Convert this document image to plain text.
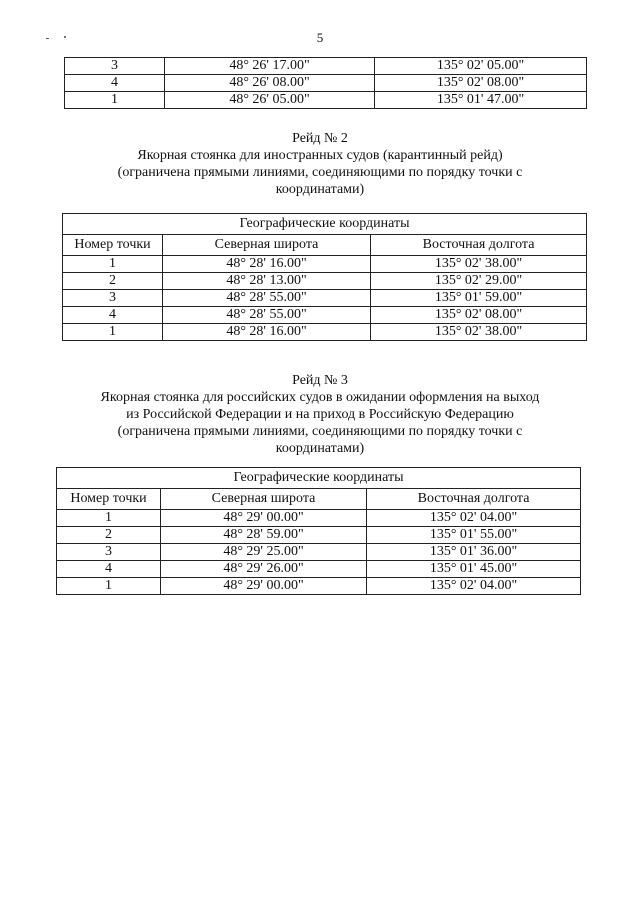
5
3	48° 26' 17.00"	135° 02' 05.00"
4	48° 26' 08.00"	135° 02' 08.00"
1	48° 26' 05.00"	135° 01' 47.00"
Рейд № 2
Якорная стоянка для иностранных судов (карантинный рейд)
(ограничена прямыми линиями, соединяющими по порядку точки с
координатами)
Географические координаты		
Номер точки	Северная широта	Восточная долгота
1	48° 28' 16.00"	135° 02' 38.00"
2	48° 28' 13.00"	135° 02' 29.00"
3	48° 28' 55.00"	135° 01' 59.00"
4	48° 28' 55.00"	135° 02' 08.00"
1	48° 28' 16.00"	135° 02' 38.00"
Рейд № 3
Якорная стоянка для российских судов в ожидании оформления на выход
из Российской Федерации и на приход в Российскую Федерацию
(ограничена прямыми линиями, соединяющими по порядку точки с
координатами)
Географические координаты		
Номер точки	Северная широта	Восточная долгота
1	48° 29' 00.00"	135° 02' 04.00"
2	48° 28' 59.00"	135° 01' 55.00"
3	48° 29' 25.00"	135° 01' 36.00"
4	48° 29' 26.00"	135° 01' 45.00"
1	48° 29' 00.00"	135° 02' 04.00"
